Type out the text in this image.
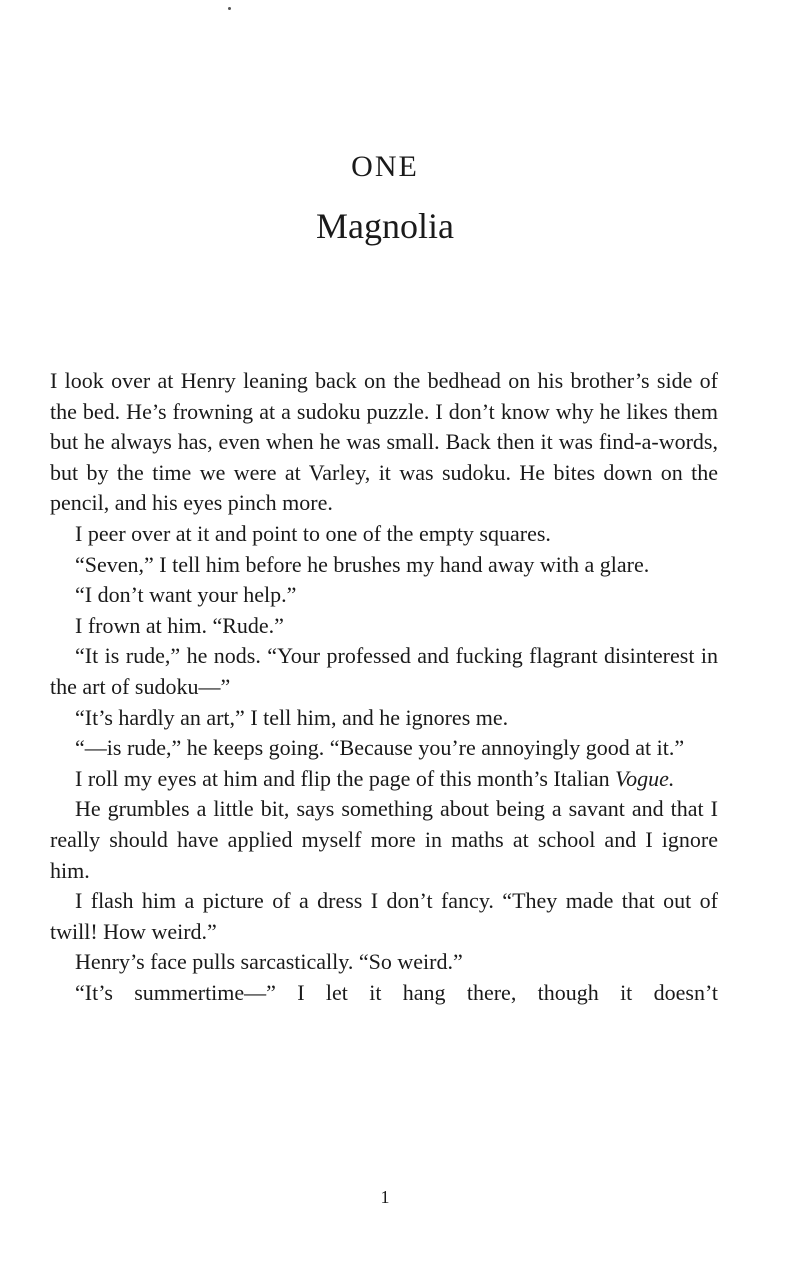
ONE
Magnolia

I look over at Henry leaning back on the bedhead on his brother’s side of the bed. He’s frowning at a sudoku puzzle. I don’t know why he likes them but he always has, even when he was small. Back then it was find-a-words, but by the time we were at Varley, it was sudoku. He bites down on the pencil, and his eyes pinch more.

I peer over at it and point to one of the empty squares.

“Seven,” I tell him before he brushes my hand away with a glare.

“I don’t want your help.”

I frown at him. “Rude.”

“It is rude,” he nods. “Your professed and fucking flagrant disinterest in the art of sudoku—”

“It’s hardly an art,” I tell him, and he ignores me.

“—is rude,” he keeps going. “Because you’re annoyingly good at it.”

I roll my eyes at him and flip the page of this month’s Italian Vogue.

He grumbles a little bit, says something about being a savant and that I really should have applied myself more in maths at school and I ignore him.

I flash him a picture of a dress I don’t fancy. “They made that out of twill! How weird.”

Henry’s face pulls sarcastically. “So weird.”

“It’s summertime—” I let it hang there, though it doesn’t

1
